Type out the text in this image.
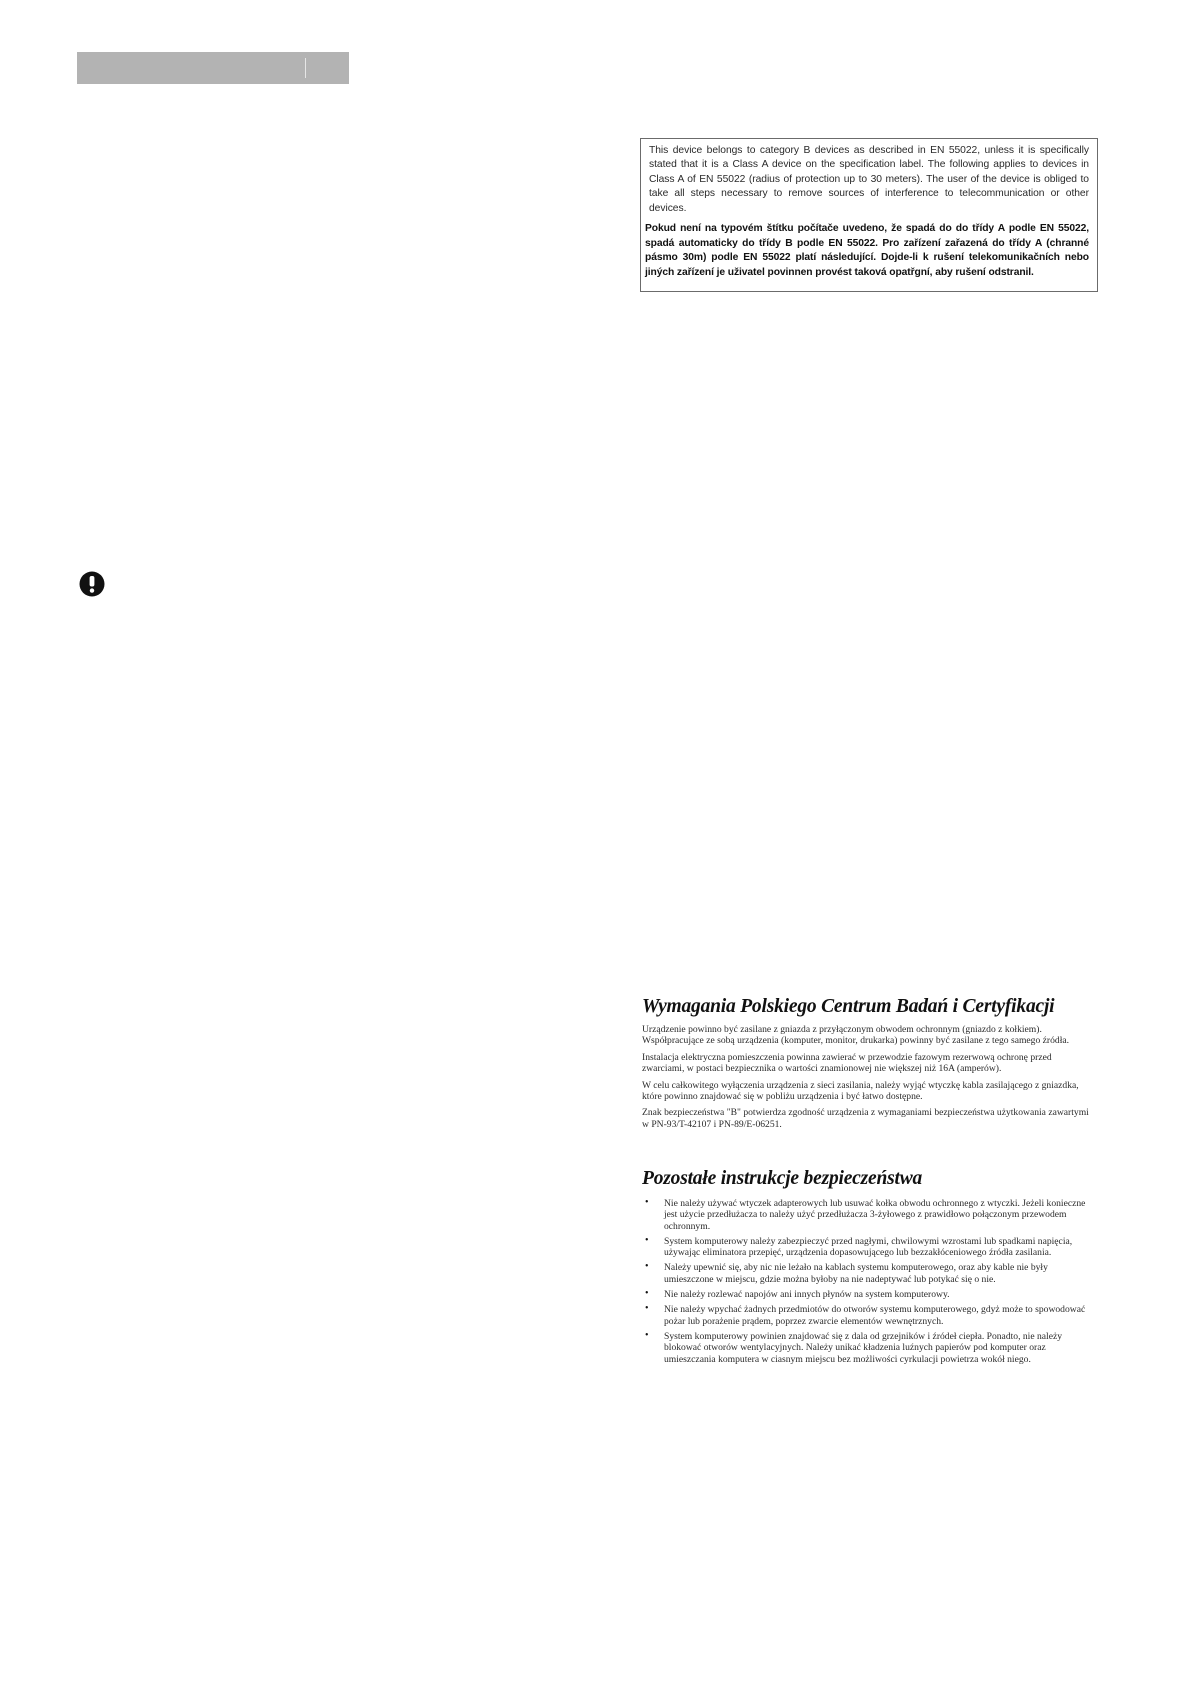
This device belongs to category B devices as described in EN 55022, unless it is specifically stated that it is a Class A device on the specification label. The following applies to devices in Class A of EN 55022 (radius of protection up to 30 meters). The user of the device is obliged to take all steps necessary to remove sources of interference to telecommunication or other devices.

Pokud není na typovém štítku počítače uvedeno, že spadá do do třídy A podle EN 55022, spadá automaticky do třídy B podle EN 55022. Pro zařízení zařazená do třídy A (chranné pásmo 30m) podle EN 55022 platí následující. Dojde-li k rušení telekomunikačních nebo jiných zařízení je uživatel povinnen provést taková opatřgní, aby rušení odstranil.

Wymagania Polskiego Centrum Badań i Certyfikacji

Urządzenie powinno być zasilane z gniazda z przyłączonym obwodem ochronnym (gniazdo z kołkiem). Współpracujące ze sobą urządzenia (komputer, monitor, drukarka) powinny być zasilane z tego samego źródła.

Instalacja elektryczna pomieszczenia powinna zawierać w przewodzie fazowym rezerwową ochronę przed zwarciami, w postaci bezpiecznika o wartości znamionowej nie większej niż 16A (amperów).

W celu całkowitego wyłączenia urządzenia z sieci zasilania, należy wyjąć wtyczkę kabla zasilającego z gniazdka, które powinno znajdować się w pobliżu urządzenia i być łatwo dostępne.

Znak bezpieczeństwa "B" potwierdza zgodność urządzenia z wymaganiami bezpieczeństwa użytkowania zawartymi w PN-93/T-42107 i PN-89/E-06251.

Pozostałe instrukcje bezpieczeństwa
• Nie należy używać wtyczek adapterowych lub usuwać kołka obwodu ochronnego z wtyczki. Jeżeli konieczne jest użycie przedłużacza to należy użyć przedłużacza 3-żyłowego z prawidłowo połączonym przewodem ochronnym.
• System komputerowy należy zabezpieczyć przed nagłymi, chwilowymi wzrostami lub spadkami napięcia, używając eliminatora przepięć, urządzenia dopasowującego lub bezzakłóceniowego źródła zasilania.
• Należy upewnić się, aby nic nie leżało na kablach systemu komputerowego, oraz aby kable nie były umieszczone w miejscu, gdzie można byłoby na nie nadeptywać lub potykać się o nie.
• Nie należy rozlewać napojów ani innych płynów na system komputerowy.
• Nie należy wpychać żadnych przedmiotów do otworów systemu komputerowego, gdyż może to spowodować pożar lub porażenie prądem, poprzez zwarcie elementów wewnętrznych.
• System komputerowy powinien znajdować się z dala od grzejników i źródeł ciepła. Ponadto, nie należy blokować otworów wentylacyjnych. Należy unikać kładzenia luźnych papierów pod komputer oraz umieszczania komputera w ciasnym miejscu bez możliwości cyrkulacji powietrza wokół niego.
